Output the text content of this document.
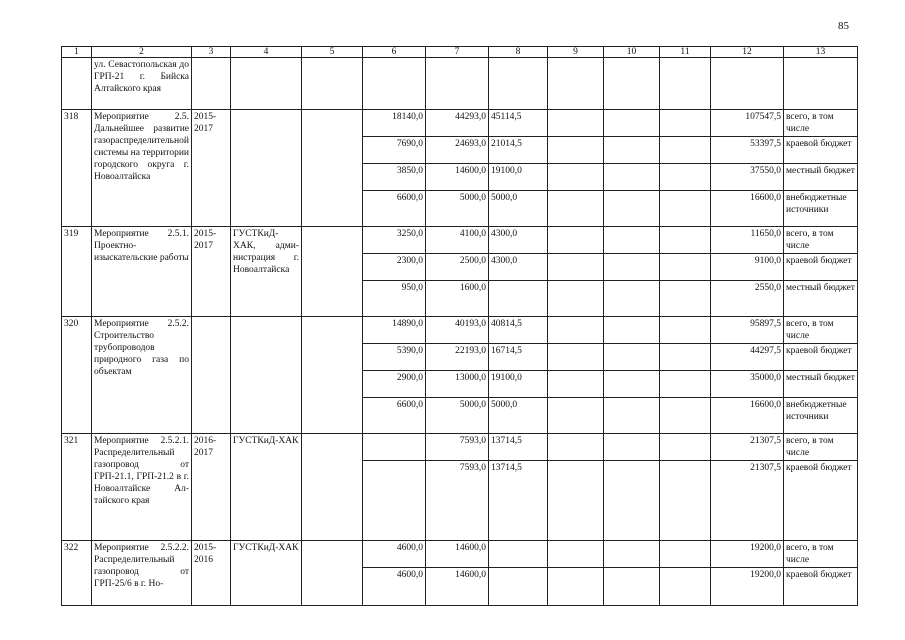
85
1	2	3	4	5	6	7	8	9	10	11	12	13
	ул. Севастопольская до ГРП-21 г. Бийска Алтайского края											
318	Мероприятие 2.5. Дальнейшее развитие газораспределительной системы на территории городского округа г. Новоалтайска	2015-2017			18140,0	44293,0	45114,5				107547,5	всего, в том числе
					7690,0	24693,0	21014,5				53397,5	краевой бюджет
					3850,0	14600,0	19100,0				37550,0	местный бюджет
					6600,0	5000,0	5000,0				16600,0	внебюджетные источники
319	Мероприятие 2.5.1. Проектно-изыскательские работы	2015-2017	ГУСТКиД-ХАК, администрация г. Новоалтайска		3250,0	4100,0	4300,0				11650,0	всего, в том числе
					2300,0	2500,0	4300,0				9100,0	краевой бюджет
					950,0	1600,0					2550,0	местный бюджет
320	Мероприятие 2.5.2. Строительство трубопроводов природного газа по объектам				14890,0	40193,0	40814,5				95897,5	всего, в том числе
					5390,0	22193,0	16714,5				44297,5	краевой бюджет
					2900,0	13000,0	19100,0				35000,0	местный бюджет
					6600,0	5000,0	5000,0				16600,0	внебюджетные источники
321	Мероприятие 2.5.2.1. Распределительный газопровод от ГРП-21.1, ГРП-21.2 в г. Новоалтайске Алтайского края	2016-2017	ГУСТКиД-ХАК			7593,0	13714,5				21307,5	всего, в том числе
						7593,0	13714,5				21307,5	краевой бюджет
322	Мероприятие 2.5.2.2. Распределительный газопровод от ГРП-25/6 в г. Но-	2015-2016	ГУСТКиД-ХАК		4600,0	14600,0					19200,0	всего, в том числе
					4600,0	14600,0					19200,0	краевой бюджет
